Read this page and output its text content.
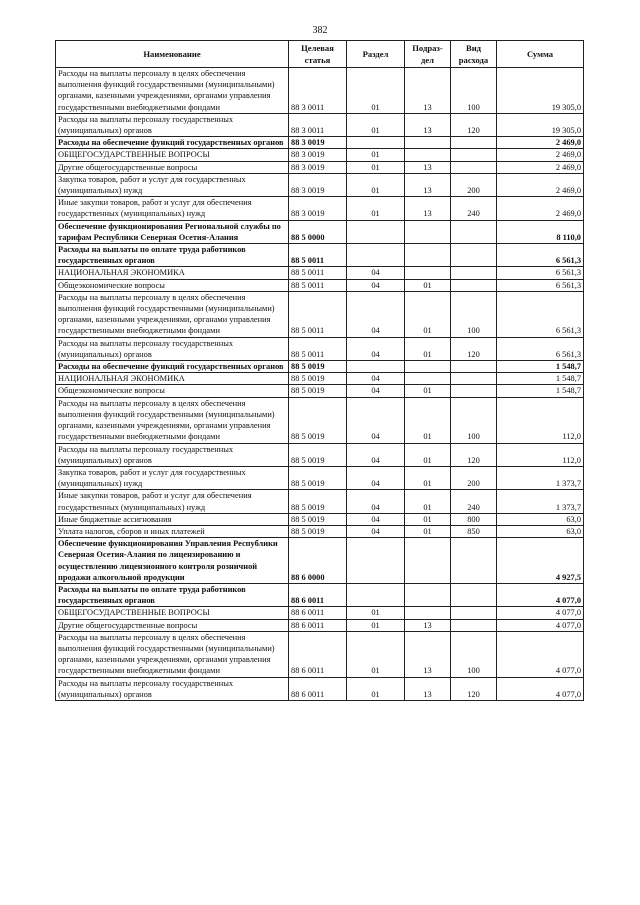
382
Наименование	Целевая статья	Раздел	Подраз-дел	Вид расхода	Сумма
Расходы на выплаты персоналу в целях обеспечения выполнения функций государственными (муниципальными) органами, казенными учреждениями, органами управления государственными внебюджетными фондами	88 3 0011	01	13	100	19 305,0
Расходы на выплаты персоналу государственных (муниципальных) органов	88 3 0011	01	13	120	19 305,0
Расходы на обеспечение функций государственных органов	88 3 0019				2 469,0
ОБЩЕГОСУДАРСТВЕННЫЕ ВОПРОСЫ	88 3 0019	01			2 469,0
Другие общегосударственные вопросы	88 3 0019	01	13		2 469,0
Закупка товаров, работ и услуг для государственных (муниципальных) нужд	88 3 0019	01	13	200	2 469,0
Иные закупки товаров, работ и услуг для обеспечения государственных (муниципальных) нужд	88 3 0019	01	13	240	2 469,0
Обеспечение функционирования Региональной службы по тарифам Республики Северная Осетия-Алания	88 5 0000				8 110,0
Расходы на выплаты по оплате труда работников государственных органов	88 5 0011				6 561,3
НАЦИОНАЛЬНАЯ ЭКОНОМИКА	88 5 0011	04			6 561,3
Общеэкономические вопросы	88 5 0011	04	01		6 561,3
Расходы на выплаты персоналу в целях обеспечения выполнения функций государственными (муниципальными) органами, казенными учреждениями, органами управления государственными внебюджетными фондами	88 5 0011	04	01	100	6 561,3
Расходы на выплаты персоналу государственных (муниципальных) органов	88 5 0011	04	01	120	6 561,3
Расходы на обеспечение функций государственных органов	88 5 0019				1 548,7
НАЦИОНАЛЬНАЯ ЭКОНОМИКА	88 5 0019	04			1 548,7
Общеэкономические вопросы	88 5 0019	04	01		1 548,7
Расходы на выплаты персоналу в целях обеспечения выполнения функций государственными (муниципальными) органами, казенными учреждениями, органами управления государственными внебюджетными фондами	88 5 0019	04	01	100	112,0
Расходы на выплаты персоналу государственных (муниципальных) органов	88 5 0019	04	01	120	112,0
Закупка товаров, работ и услуг для государственных (муниципальных) нужд	88 5 0019	04	01	200	1 373,7
Иные закупки товаров, работ и услуг для обеспечения государственных (муниципальных) нужд	88 5 0019	04	01	240	1 373,7
Иные бюджетные ассигнования	88 5 0019	04	01	800	63,0
Уплата налогов, сборов и иных платежей	88 5 0019	04	01	850	63,0
Обеспечение функционирования Управления Республики Северная Осетия-Алания по лицензированию и осуществлению лицензионного контроля розничной продажи алкогольной продукции	88 6 0000				4 927,5
Расходы на выплаты по оплате труда работников государственных органов	88 6 0011				4 077,0
ОБЩЕГОСУДАРСТВЕННЫЕ ВОПРОСЫ	88 6 0011	01			4 077,0
Другие общегосударственные вопросы	88 6 0011	01	13		4 077,0
Расходы на выплаты персоналу в целях обеспечения выполнения функций государственными (муниципальными) органами, казенными учреждениями, органами управления государственными внебюджетными фондами	88 6 0011	01	13	100	4 077,0
Расходы на выплаты персоналу государственных (муниципальных) органов	88 6 0011	01	13	120	4 077,0
